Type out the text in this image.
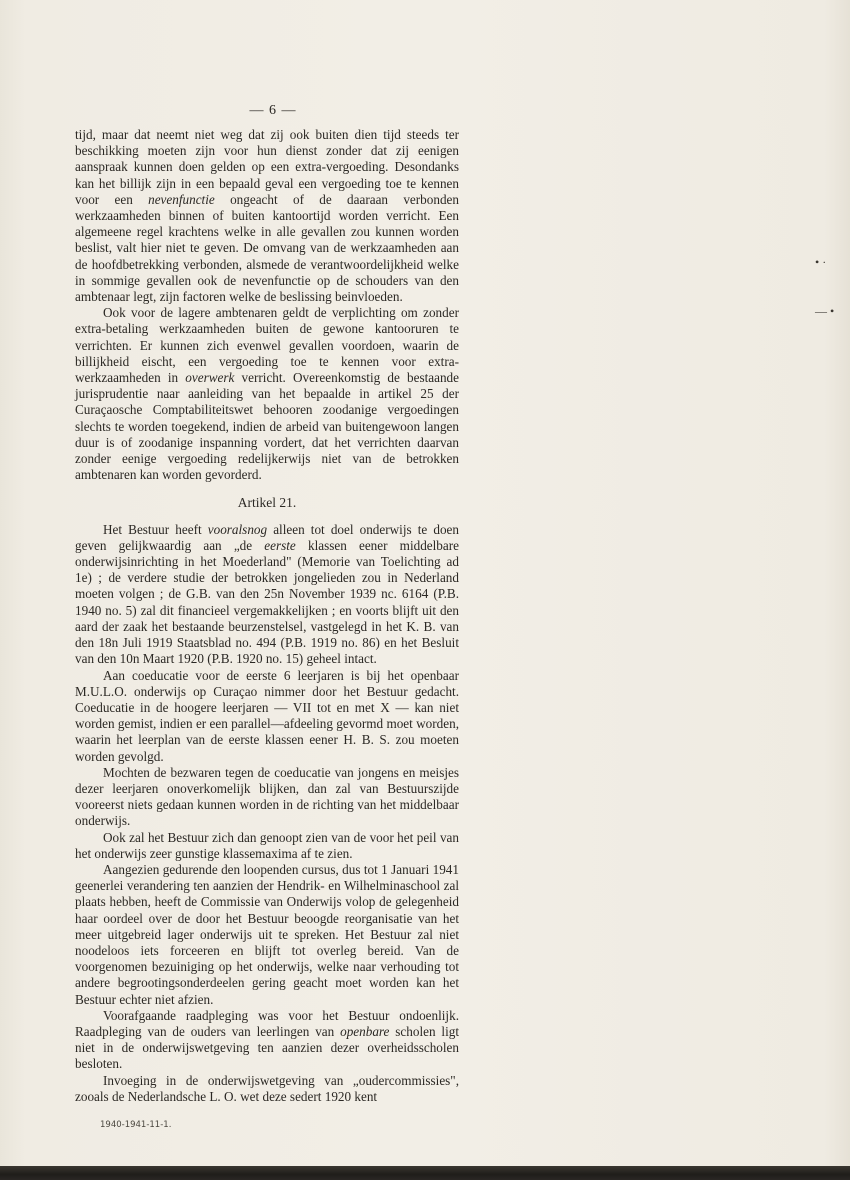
— 6 —

tijd, maar dat neemt niet weg dat zij ook buiten dien tijd steeds ter beschikking moeten zijn voor hun dienst zonder dat zij eenigen aanspraak kunnen doen gelden op een extra-vergoeding. Desondanks kan het billijk zijn in een bepaald geval een vergoeding toe te kennen voor een nevenfunctie ongeacht of de daaraan verbonden werkzaamheden binnen of buiten kantoortijd worden verricht. Een algemeene regel krachtens welke in alle gevallen zou kunnen worden beslist, valt hier niet te geven. De omvang van de werkzaamheden aan de hoofdbetrekking verbonden, alsmede de verantwoordelijkheid welke in sommige gevallen ook de nevenfunctie op de schouders van den ambtenaar legt, zijn factoren welke de beslissing beinvloeden.

Ook voor de lagere ambtenaren geldt de verplichting om zonder extra-betaling werkzaamheden buiten de gewone kantooruren te verrichten. Er kunnen zich evenwel gevallen voordoen, waarin de billijkheid eischt, een vergoeding toe te kennen voor extra-werkzaamheden in overwerk verricht. Overeenkomstig de bestaande jurisprudentie naar aanleiding van het bepaalde in artikel 25 der Curaçaosche Comptabiliteitswet behooren zoodanige vergoedingen slechts te worden toegekend, indien de arbeid van buitengewoon langen duur is of zoodanige inspanning vordert, dat het verrichten daarvan zonder eenige vergoeding redelijkerwijs niet van de betrokken ambtenaren kan worden gevorderd.

Artikel 21.

Het Bestuur heeft vooralsnog alleen tot doel onderwijs te doen geven gelijkwaardig aan „de eerste klassen eener middelbare onderwijsinrichting in het Moederland" (Memorie van Toelichting ad 1e) ; de verdere studie der betrokken jongelieden zou in Nederland moeten volgen ; de G.B. van den 25n November 1939 nc. 6164 (P.B. 1940 no. 5) zal dit financieel vergemakkelijken ; en voorts blijft uit den aard der zaak het bestaande beurzenstelsel, vastgelegd in het K. B. van den 18n Juli 1919 Staatsblad no. 494 (P.B. 1919 no. 86) en het Besluit van den 10n Maart 1920 (P.B. 1920 no. 15) geheel intact.

Aan coeducatie voor de eerste 6 leerjaren is bij het openbaar M.U.L.O. onderwijs op Curaçao nimmer door het Bestuur gedacht. Coeducatie in de hoogere leerjaren — VII tot en met X — kan niet worden gemist, indien er een parallel—afdeeling gevormd moet worden, waarin het leerplan van de eerste klassen eener H. B. S. zou moeten worden gevolgd.

Mochten de bezwaren tegen de coeducatie van jongens en meisjes dezer leerjaren onoverkomelijk blijken, dan zal van Bestuurszijde vooreerst niets gedaan kunnen worden in de richting van het middelbaar onderwijs.

Ook zal het Bestuur zich dan genoopt zien van de voor het peil van het onderwijs zeer gunstige klassemaxima af te zien.

Aangezien gedurende den loopenden cursus, dus tot 1 Januari 1941 geenerlei verandering ten aanzien der Hendrik- en Wilhelminaschool zal plaats hebben, heeft de Commissie van Onderwijs volop de gelegenheid haar oordeel over de door het Bestuur beoogde reorganisatie van het meer uitgebreid lager onderwijs uit te spreken. Het Bestuur zal niet noodeloos iets forceeren en blijft tot overleg bereid. Van de voorgenomen bezuiniging op het onderwijs, welke naar verhouding tot andere begrootingsonderdeelen gering geacht moet worden kan het Bestuur echter niet afzien.

Voorafgaande raadpleging was voor het Bestuur ondoenlijk. Raadpleging van de ouders van leerlingen van openbare scholen ligt niet in de onderwijswetgeving ten aanzien dezer overheidsscholen besloten.

Invoeging in de onderwijswetgeving van „oudercommissies", zooals de Nederlandsche L. O. wet deze sedert 1920 kent

• ·
— •
1940-1941-11-1.
